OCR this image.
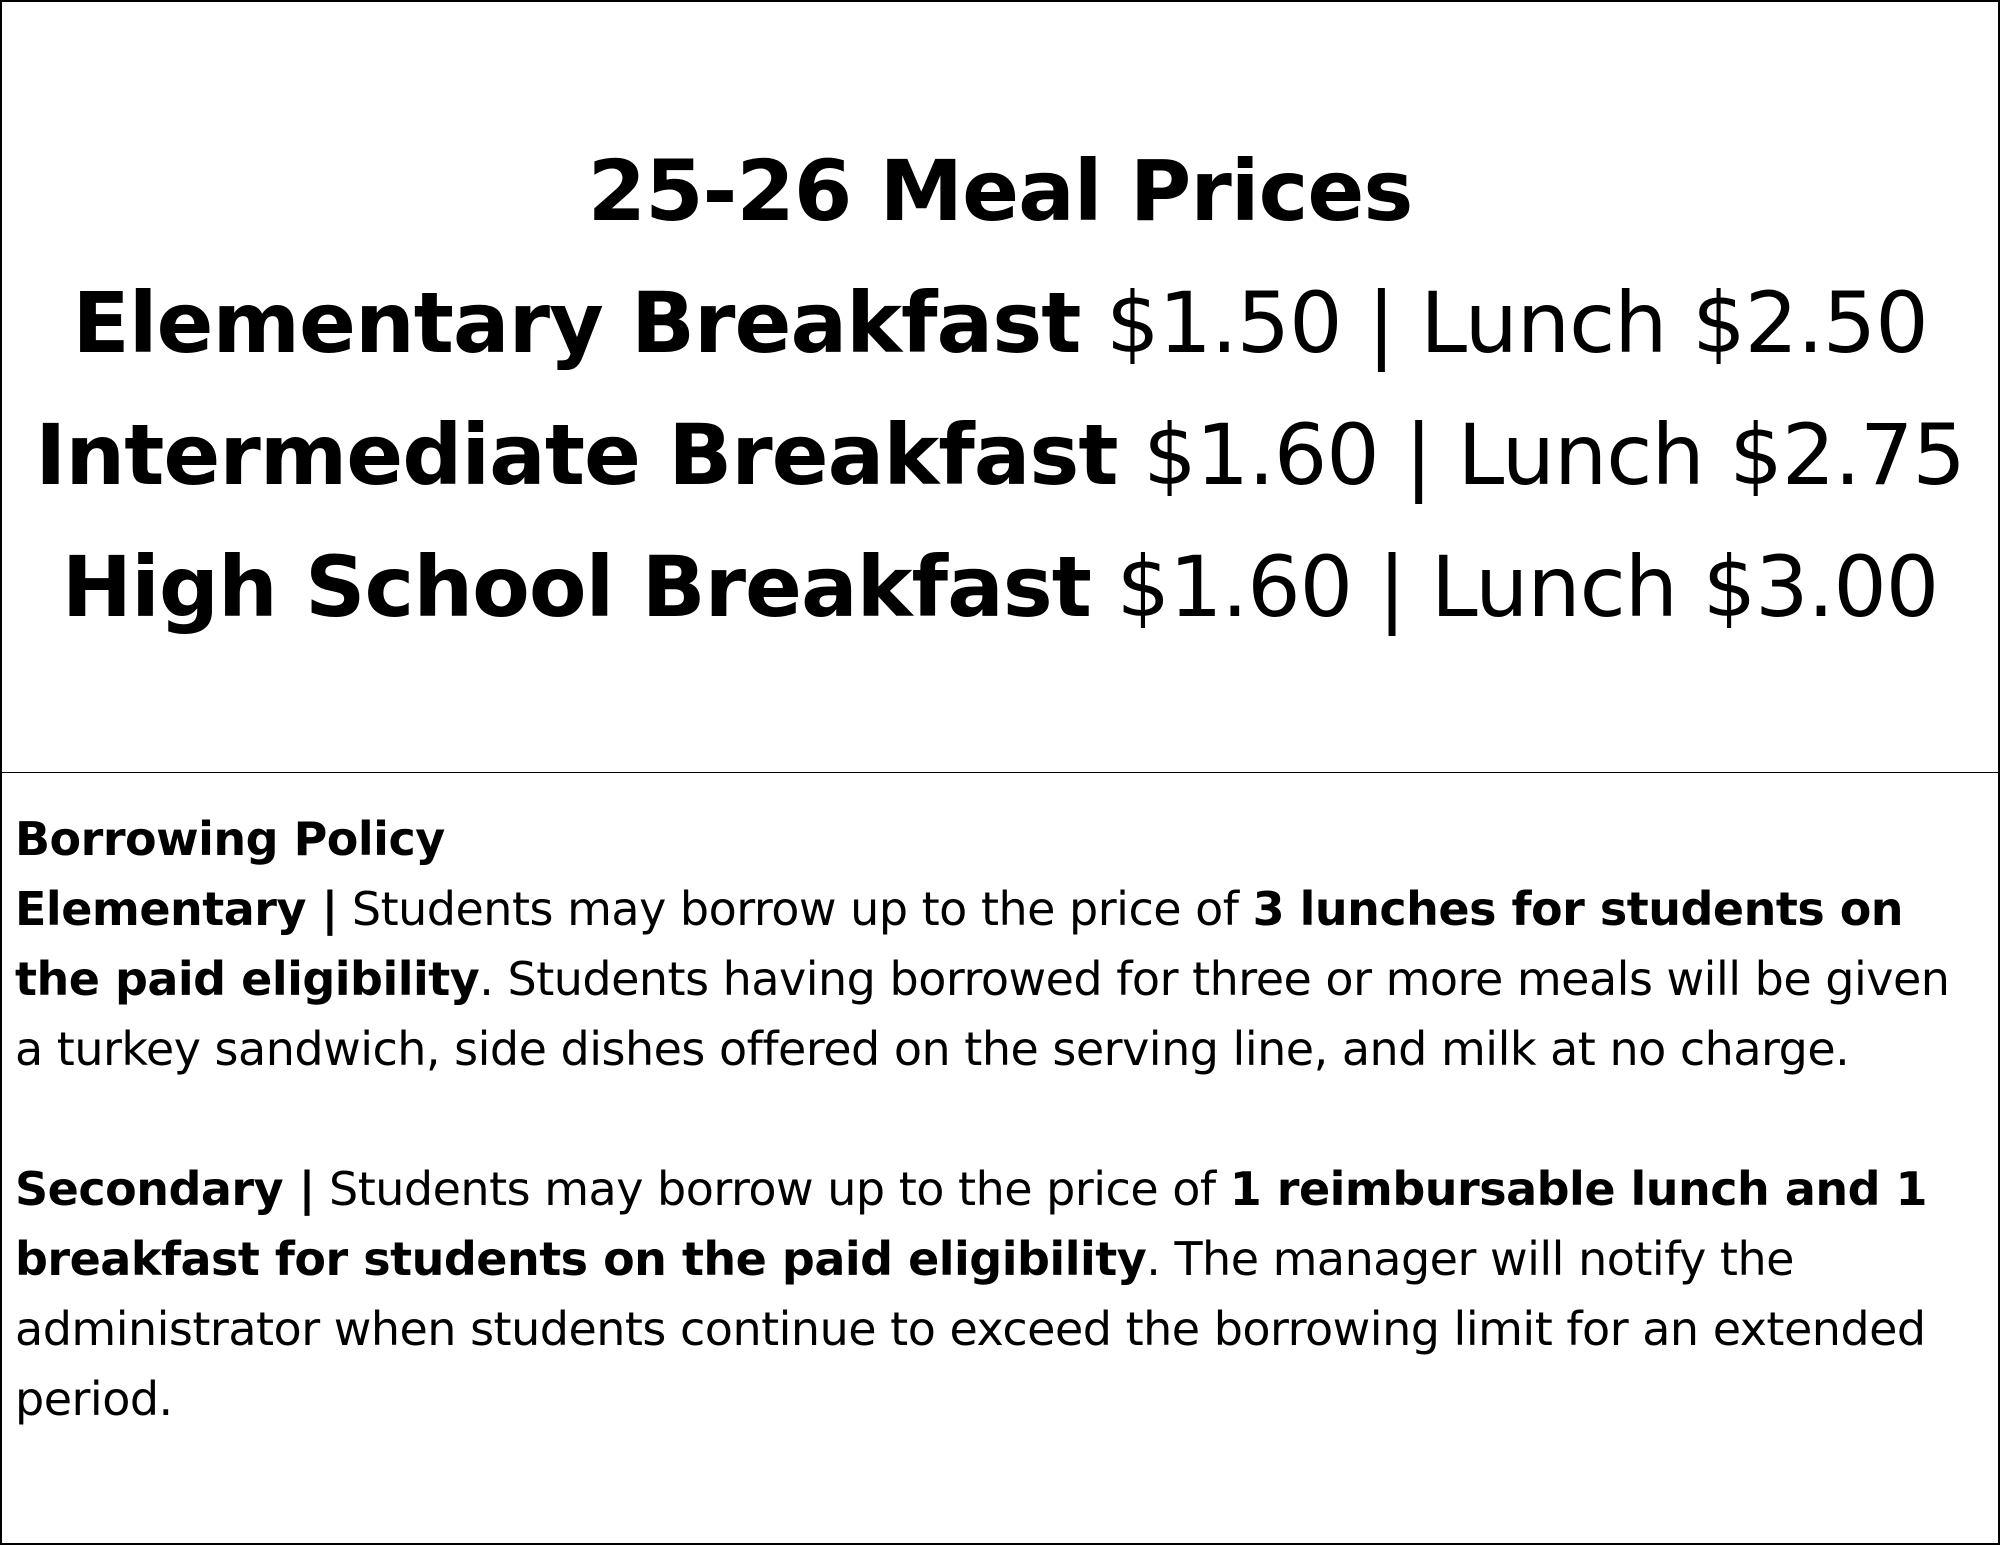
25-26 Meal Prices
Elementary Breakfast $1.50 | Lunch $2.50
Intermediate Breakfast $1.60 | Lunch $2.75
High School Breakfast $1.60 | Lunch $3.00

Borrowing Policy

Elementary | Students may borrow up to the price of 3 lunches for students on the paid eligibility. Students having borrowed for three or more meals will be given a turkey sandwich, side dishes offered on the serving line, and milk at no charge.

Secondary | Students may borrow up to the price of 1 reimbursable lunch and 1 breakfast for students on the paid eligibility. The manager will notify the administrator when students continue to exceed the borrowing limit for an extended period.
